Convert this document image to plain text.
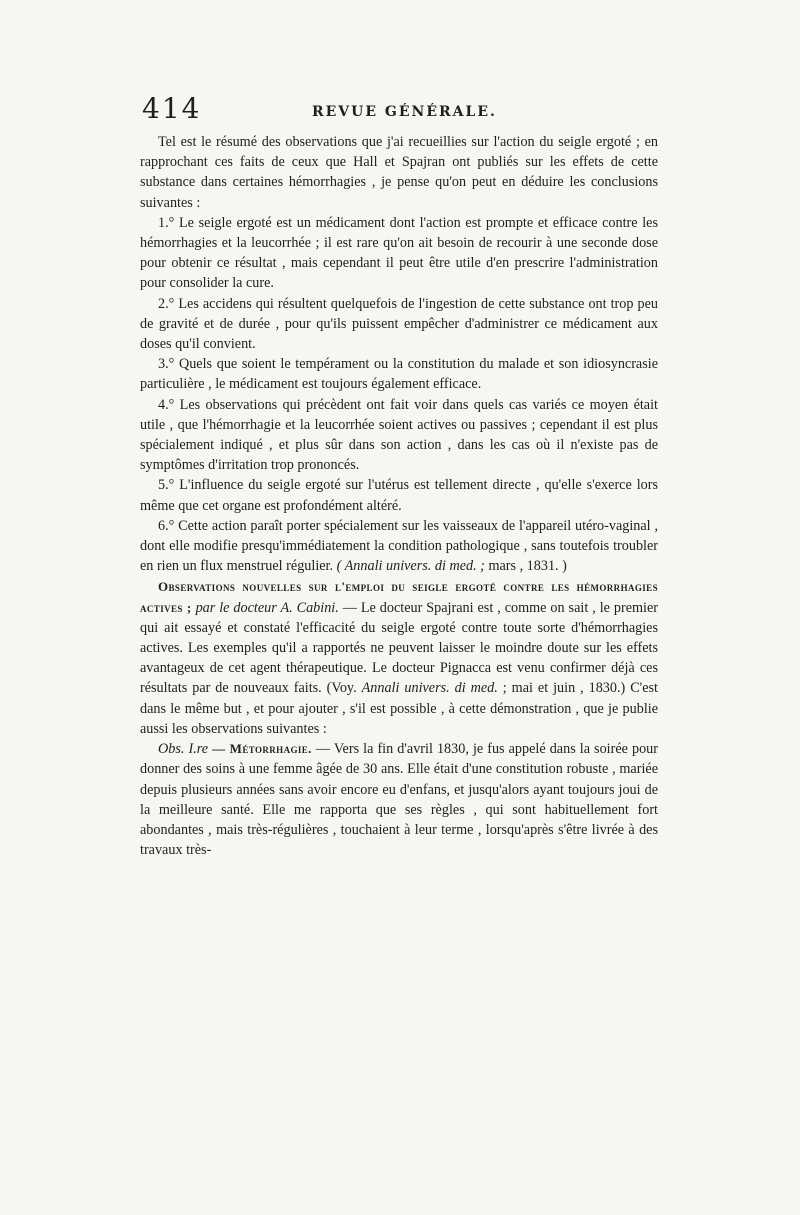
414	REVUE GÉNÉRALE.

Tel est le résumé des observations que j'ai recueillies sur l'action du seigle ergoté ; en rapprochant ces faits de ceux que Hall et Spajran ont publiés sur les effets de cette substance dans certaines hémorrhagies , je pense qu'on peut en déduire les conclusions suivantes :

1.° Le seigle ergoté est un médicament dont l'action est prompte et efficace contre les hémorrhagies et la leucorrhée ; il est rare qu'on ait besoin de recourir à une seconde dose pour obtenir ce résultat , mais cependant il peut être utile d'en prescrire l'administration pour consolider la cure.

2.° Les accidens qui résultent quelquefois de l'ingestion de cette substance ont trop peu de gravité et de durée , pour qu'ils puissent empêcher d'administrer ce médicament aux doses qu'il convient.

3.° Quels que soient le tempérament ou la constitution du malade et son idiosyncrasie particulière , le médicament est toujours également efficace.

4.° Les observations qui précèdent ont fait voir dans quels cas variés ce moyen était utile , que l'hémorrhagie et la leucorrhée soient actives ou passives ; cependant il est plus spécialement indiqué , et plus sûr dans son action , dans les cas où il n'existe pas de symptômes d'irritation trop prononcés.

5.° L'influence du seigle ergoté sur l'utérus est tellement directe , qu'elle s'exerce lors même que cet organe est profondément altéré.

6.° Cette action paraît porter spécialement sur les vaisseaux de l'appareil utéro-vaginal , dont elle modifie presqu'immédiatement la condition pathologique , sans toutefois troubler en rien un flux menstruel régulier. ( Annali univers. di med. ; mars , 1831. )

Observations nouvelles sur l'emploi du seigle ergoté contre les hémorrhagies actives ; par le docteur A. Cabini. — Le docteur Spajrani est , comme on sait , le premier qui ait essayé et constaté l'efficacité du seigle ergoté contre toute sorte d'hémorrhagies actives. Les exemples qu'il a rapportés ne peuvent laisser le moindre doute sur les effets avantageux de cet agent thérapeutique. Le docteur Pignacca est venu confirmer déjà ces résultats par de nouveaux faits. (Voy. Annali univers. di med. ; mai et juin , 1830.) C'est dans le même but , et pour ajouter , s'il est possible , à cette démonstration , que je publie aussi les observations suivantes :

Obs. I.re — Métorrhagie. — Vers la fin d'avril 1830, je fus appelé dans la soirée pour donner des soins à une femme âgée de 30 ans. Elle était d'une constitution robuste , mariée depuis plusieurs années sans avoir encore eu d'enfans, et jusqu'alors ayant toujours joui de la meilleure santé. Elle me rapporta que ses règles , qui sont habituellement fort abondantes , mais très-régulières , touchaient à leur terme , lorsqu'après s'être livrée à des travaux très-
